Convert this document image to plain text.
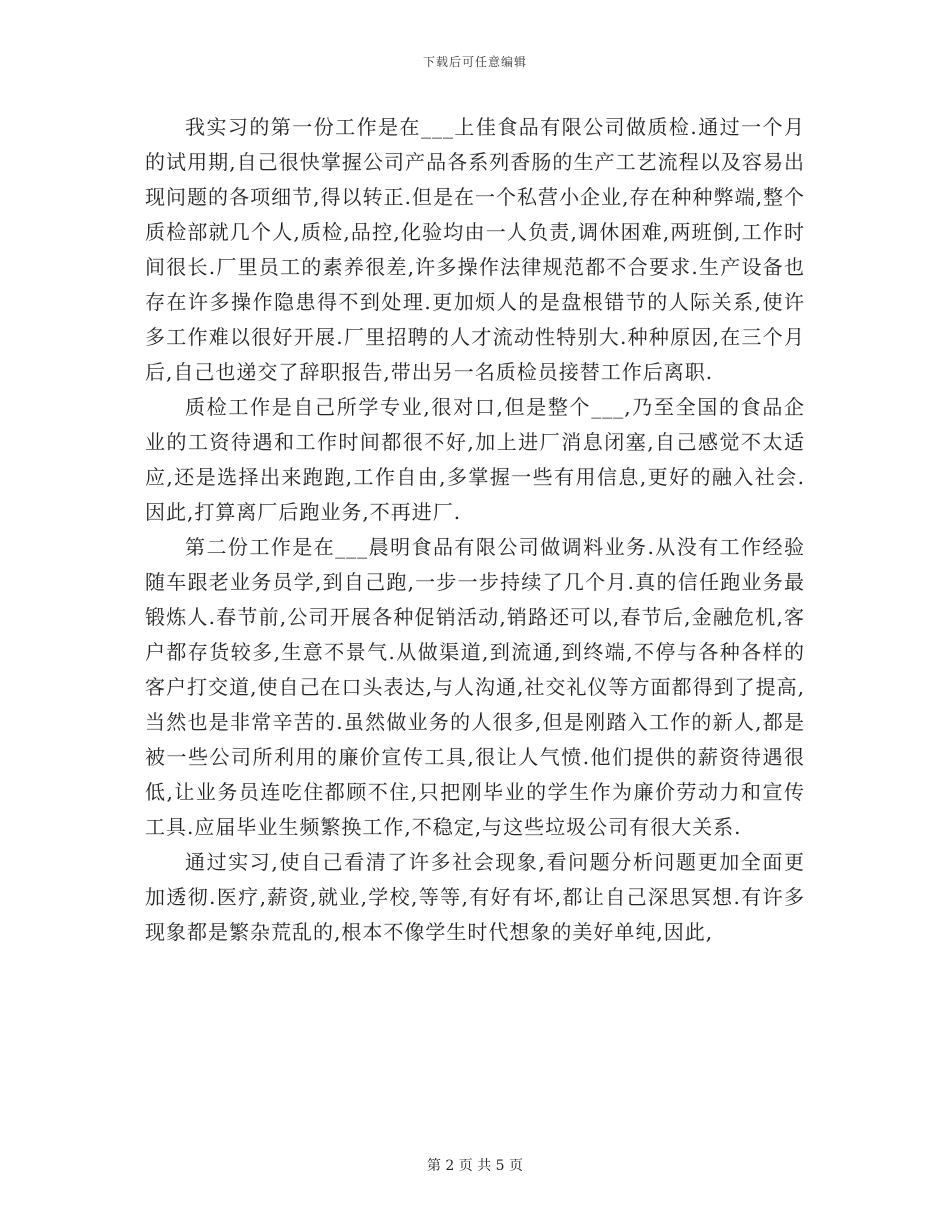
下载后可任意编辑

我实习的第一份工作是在___上佳食品有限公司做质检.通过一个月的试用期,自己很快掌握公司产品各系列香肠的生产工艺流程以及容易出现问题的各项细节,得以转正.但是在一个私营小企业,存在种种弊端,整个质检部就几个人,质检,品控,化验均由一人负责,调休困难,两班倒,工作时间很长.厂里员工的素养很差,许多操作法律规范都不合要求.生产设备也存在许多操作隐患得不到处理.更加烦人的是盘根错节的人际关系,使许多工作难以很好开展.厂里招聘的人才流动性特别大.种种原因,在三个月后,自己也递交了辞职报告,带出另一名质检员接替工作后离职.

质检工作是自己所学专业,很对口,但是整个___,乃至全国的食品企业的工资待遇和工作时间都很不好,加上进厂消息闭塞,自己感觉不太适应,还是选择出来跑跑,工作自由,多掌握一些有用信息,更好的融入社会.因此,打算离厂后跑业务,不再进厂.

第二份工作是在___晨明食品有限公司做调料业务.从没有工作经验随车跟老业务员学,到自己跑,一步一步持续了几个月.真的信任跑业务最锻炼人.春节前,公司开展各种促销活动,销路还可以,春节后,金融危机,客户都存货较多,生意不景气.从做渠道,到流通,到终端,不停与各种各样的客户打交道,使自己在口头表达,与人沟通,社交礼仪等方面都得到了提高,当然也是非常辛苦的.虽然做业务的人很多,但是刚踏入工作的新人,都是被一些公司所利用的廉价宣传工具,很让人气愤.他们提供的薪资待遇很低,让业务员连吃住都顾不住,只把刚毕业的学生作为廉价劳动力和宣传工具.应届毕业生频繁换工作,不稳定,与这些垃圾公司有很大关系.

通过实习,使自己看清了许多社会现象,看问题分析问题更加全面更加透彻.医疗,薪资,就业,学校,等等,有好有坏,都让自己深思冥想.有许多现象都是繁杂荒乱的,根本不像学生时代想象的美好单纯,因此,

第 2 页 共 5 页
